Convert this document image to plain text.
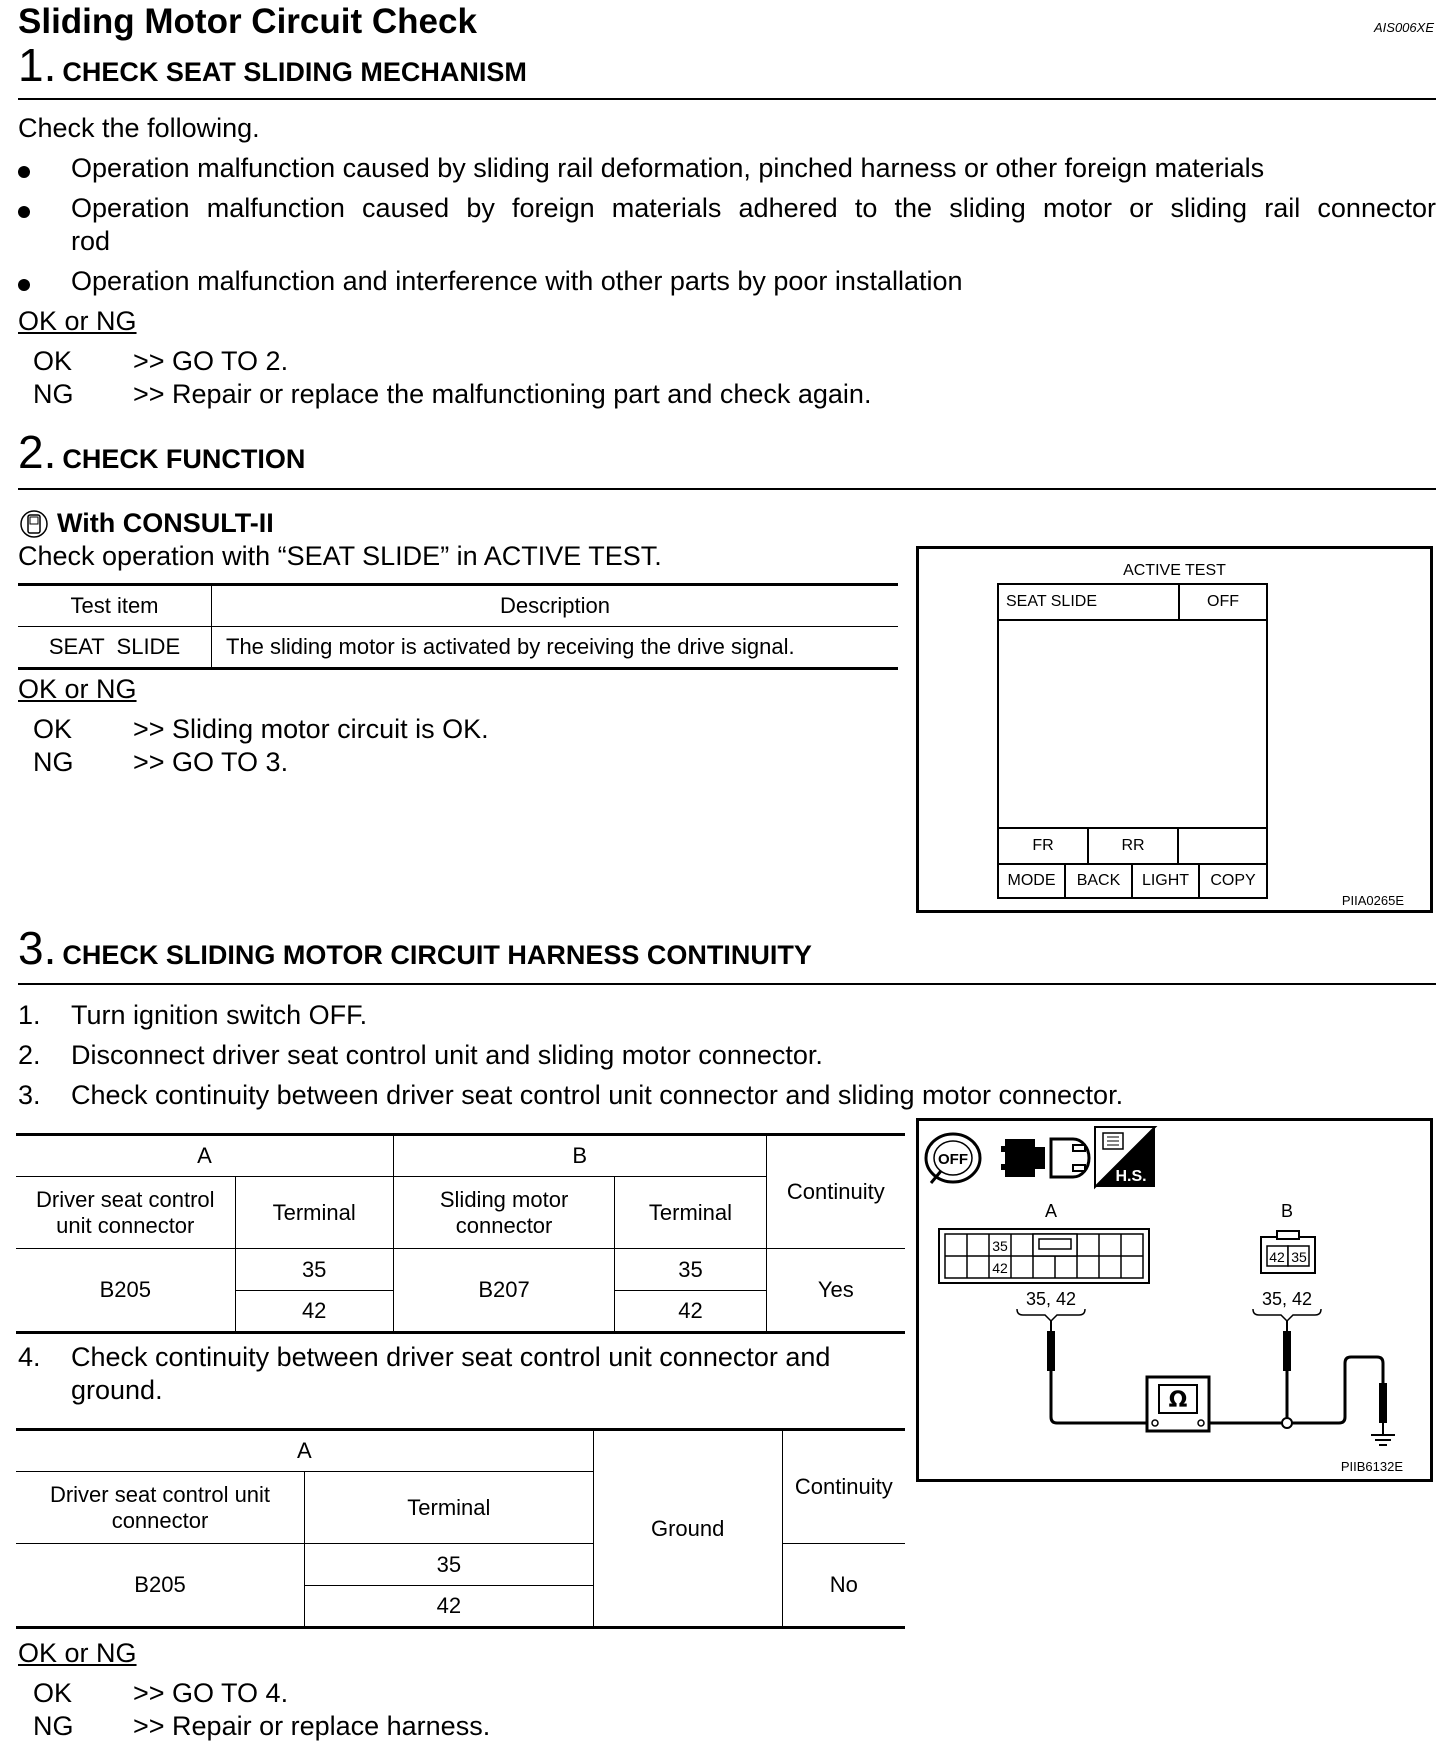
Sliding Motor Circuit Check	AIS006XE
1. CHECK SEAT SLIDING MECHANISM
Check the following.
Operation malfunction caused by sliding rail deformation, pinched harness or other foreign materials
Operation malfunction caused by foreign materials adhered to the sliding motor or sliding rail connector
rod
Operation malfunction and interference with other parts by poor installation
OK or NG
OK >> GO TO 2.
NG >> Repair or replace the malfunctioning part and check again.
2. CHECK FUNCTION
With CONSULT-II
Check operation with “SEAT SLIDE” in ACTIVE TEST.
Test item	Description
SEAT  SLIDE	The sliding motor is activated by receiving the drive signal.
OK or NG
OK >> Sliding motor circuit is OK.
NG >> GO TO 3.
ACTIVE TEST
SEAT SLIDE	OFF
FR	RR
MODE	BACK	LIGHT	COPY
PIIA0265E
3. CHECK SLIDING MOTOR CIRCUIT HARNESS CONTINUITY
1. Turn ignition switch OFF.
2. Disconnect driver seat control unit and sliding motor connector.
3. Check continuity between driver seat control unit connector and sliding motor connector.
A		B		Continuity
Driver seat control unit connector	Terminal	Sliding motor connector	Terminal	
B205	35	B207	35	Yes
	42		42	
4. Check continuity between driver seat control unit connector and
ground.
A		Ground	Continuity
Driver seat control unit connector	Terminal		
B205	35		No
	42		
OK or NG
OK >> GO TO 4.
NG >> Repair or replace harness.
OFF
H.S.
A	B
35
42
42 35
35, 42	35, 42
Ω
PIIB6132E
